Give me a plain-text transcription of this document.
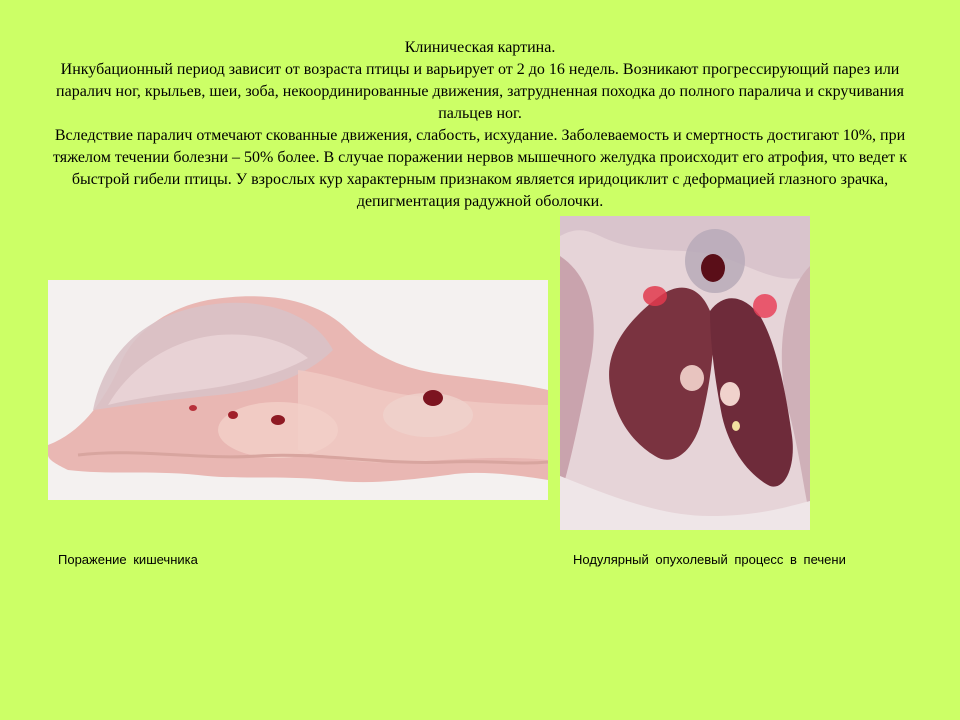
Клиническая картина.

Инкубационный период зависит от возраста птицы и варьирует от 2 до 16 недель. Возникают прогрессирующий парез или паралич ног, крыльев, шеи, зоба, некоординированные движения, затрудненная походка до полного паралича и скручивания пальцев ног.

Вследствие паралич отмечают скованные движения, слабость, исхудание. Заболеваемость и смертность достигают 10%, при тяжелом течении болезни – 50% более. В случае поражении нервов мышечного желудка происходит его атрофия, что ведет к быстрой гибели птицы. У взрослых кур характерным признаком является иридоциклит с деформацией глазного зрачка, депигментация радужной оболочки.

Поражение кишечника	Нодулярный опухолевый процесс в печени
